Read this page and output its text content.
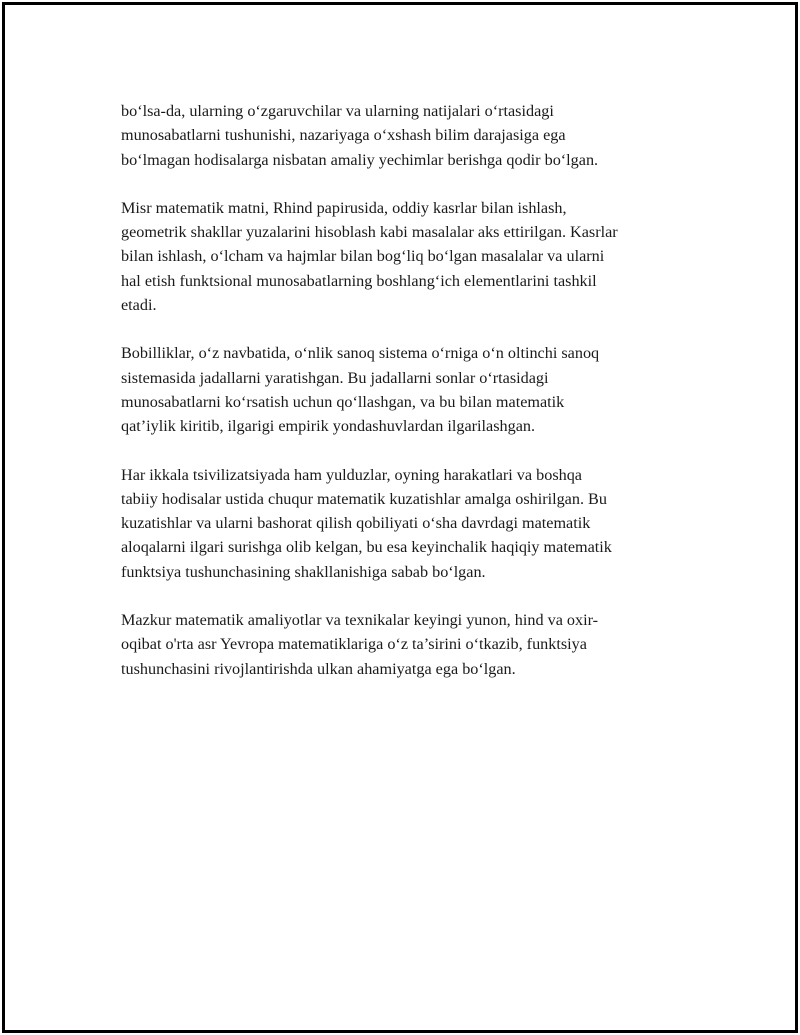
bo‘lsa-da, ularning o‘zgaruvchilar va ularning natijalari o‘rtasidagi
munosabatlarni tushunishi, nazariyaga o‘xshash bilim darajasiga ega
bo‘lmagan hodisalarga nisbatan amaliy yechimlar berishga qodir bo‘lgan.

Misr matematik matni, Rhind papirusida, oddiy kasrlar bilan ishlash,
geometrik shakllar yuzalarini hisoblash kabi masalalar aks ettirilgan. Kasrlar
bilan ishlash, o‘lcham va hajmlar bilan bog‘liq bo‘lgan masalalar va ularni
hal etish funktsional munosabatlarning boshlang‘ich elementlarini tashkil
etadi.

Bobilliklar, o‘z navbatida, o‘nlik sanoq sistema o‘rniga o‘n oltinchi sanoq
sistemasida jadallarni yaratishgan. Bu jadallarni sonlar o‘rtasidagi
munosabatlarni ko‘rsatish uchun qo‘llashgan, va bu bilan matematik
qat’iylik kiritib, ilgarigi empirik yondashuvlardan ilgarilashgan.

Har ikkala tsivilizatsiyada ham yulduzlar, oyning harakatlari va boshqa
tabiiy hodisalar ustida chuqur matematik kuzatishlar amalga oshirilgan. Bu
kuzatishlar va ularni bashorat qilish qobiliyati o‘sha davrdagi matematik
aloqalarni ilgari surishga olib kelgan, bu esa keyinchalik haqiqiy matematik
funktsiya tushunchasining shakllanishiga sabab bo‘lgan.

Mazkur matematik amaliyotlar va texnikalar keyingi yunon, hind va oxir-
oqibat o'rta asr Yevropa matematiklariga o‘z ta’sirini o‘tkazib, funktsiya
tushunchasini rivojlantirishda ulkan ahamiyatga ega bo‘lgan.
